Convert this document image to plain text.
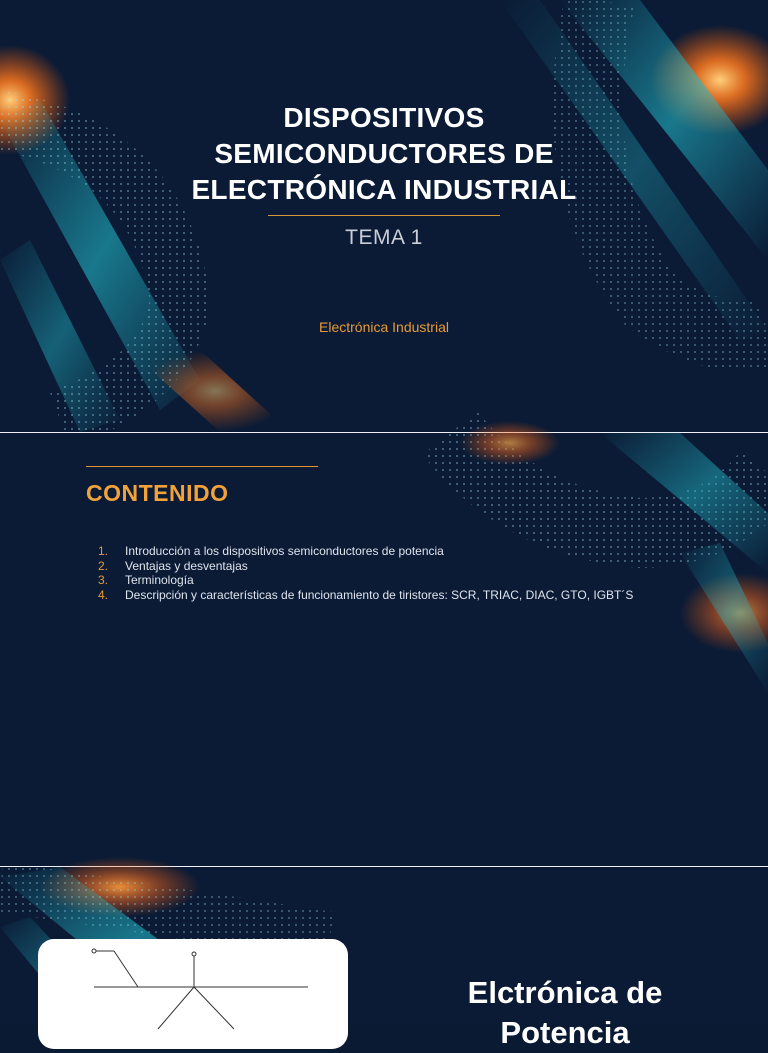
DISPOSITIVOS
SEMICONDUCTORES DE
ELECTRÓNICA INDUSTRIAL
TEMA 1
Electrónica Industrial
CONTENIDO
1.	Introducción a los dispositivos semiconductores de potencia
2.	Ventajas y desventajas
3.	Terminología
4.	Descripción y características de funcionamiento de tiristores: SCR, TRIAC, DIAC, GTO, IGBT´S
Elctrónica de
Potencia
